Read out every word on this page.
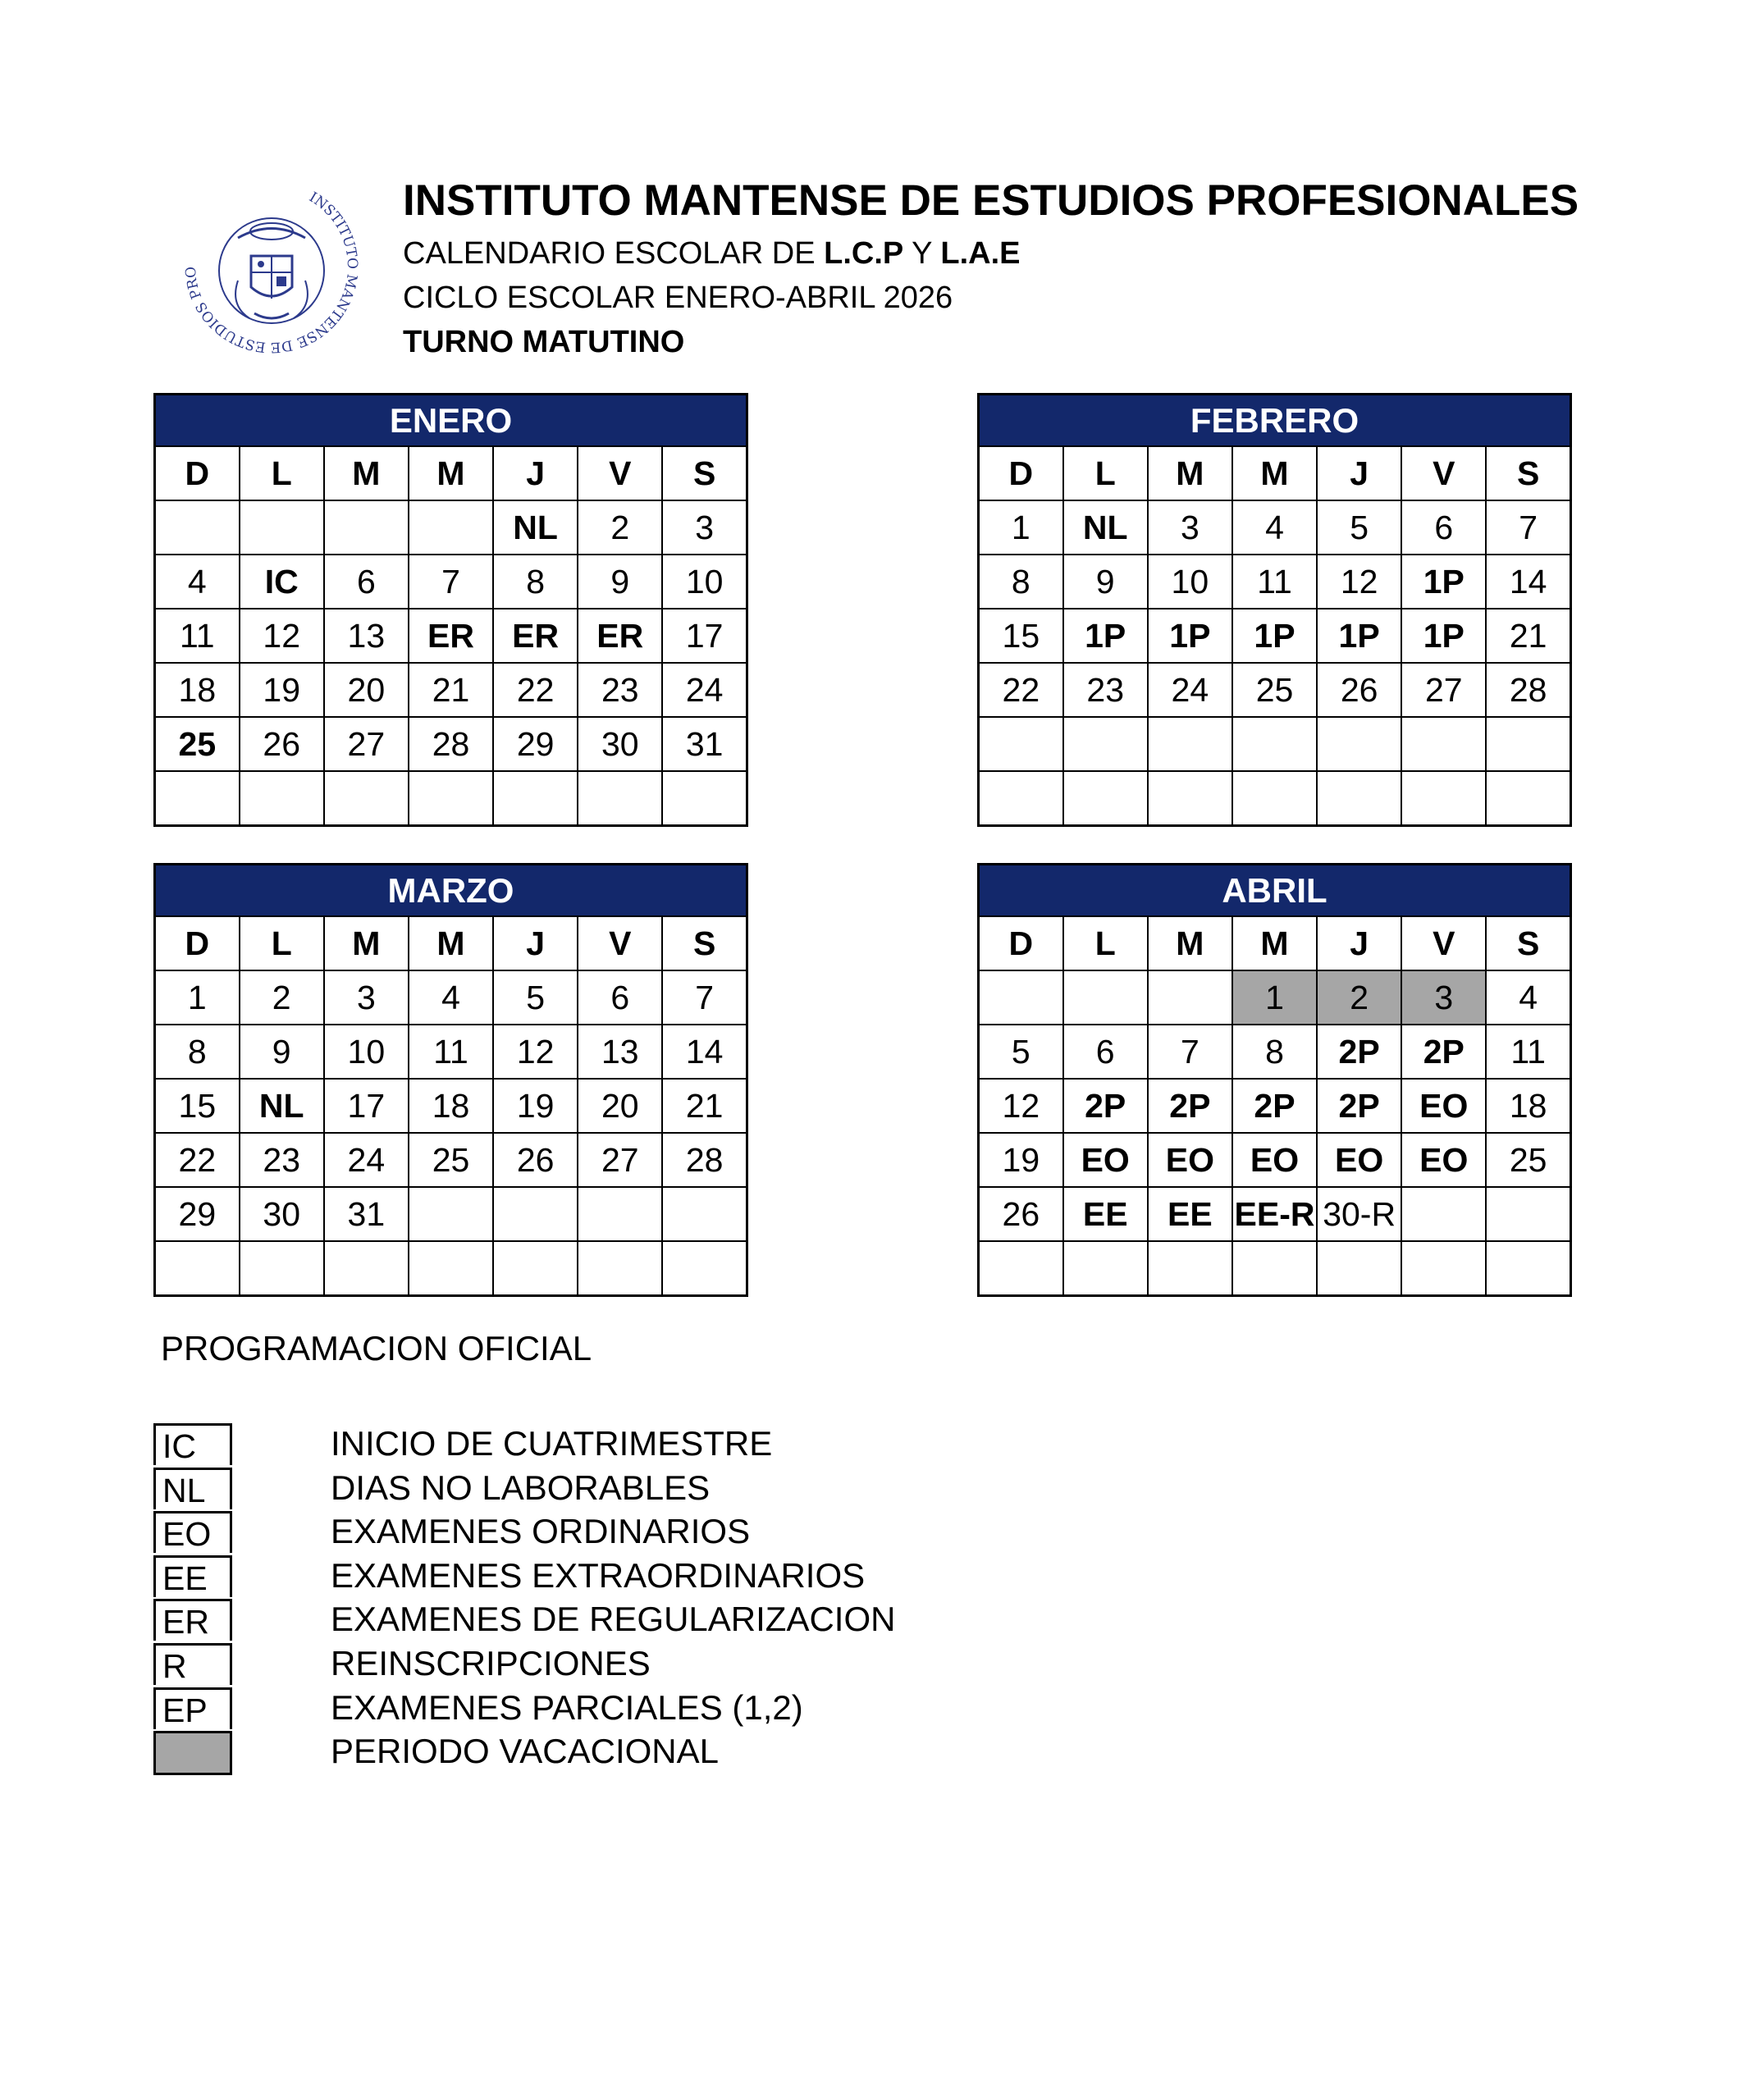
INSTITUTO MANTENSE DE ESTUDIOS PRO
INSTITUTO MANTENSE DE ESTUDIOS PROFESIONALES
CALENDARIO ESCOLAR DE L.C.P Y L.A.E
CICLO ESCOLAR ENERO-ABRIL 2026
TURNO MATUTINO
ENERO						
D	L	M	M	J	V	S
				NL	2	3
4	IC	6	7	8	9	10
11	12	13	ER	ER	ER	17
18	19	20	21	22	23	24
25	26	27	28	29	30	31

FEBRERO						
D	L	M	M	J	V	S
1	NL	3	4	5	6	7
8	9	10	11	12	1P	14
15	1P	1P	1P	1P	1P	21
22	23	24	25	26	27	28

MARZO						
D	L	M	M	J	V	S
1	2	3	4	5	6	7
8	9	10	11	12	13	14
15	NL	17	18	19	20	21
22	23	24	25	26	27	28
29	30	31				

ABRIL						
D	L	M	M	J	V	S
			1	2	3	4
5	6	7	8	2P	2P	11
12	2P	2P	2P	2P	EO	18
19	EO	EO	EO	EO	EO	25
26	EE	EE	EE-R	30-R		

PROGRAMACION OFICIAL
IC	INICIO DE CUATRIMESTRE
NL	DIAS NO LABORABLES
EO	EXAMENES ORDINARIOS
EE	EXAMENES EXTRAORDINARIOS
ER	EXAMENES DE REGULARIZACION
R	REINSCRIPCIONES
EP	EXAMENES PARCIALES (1,2)
PERIODO VACACIONAL
